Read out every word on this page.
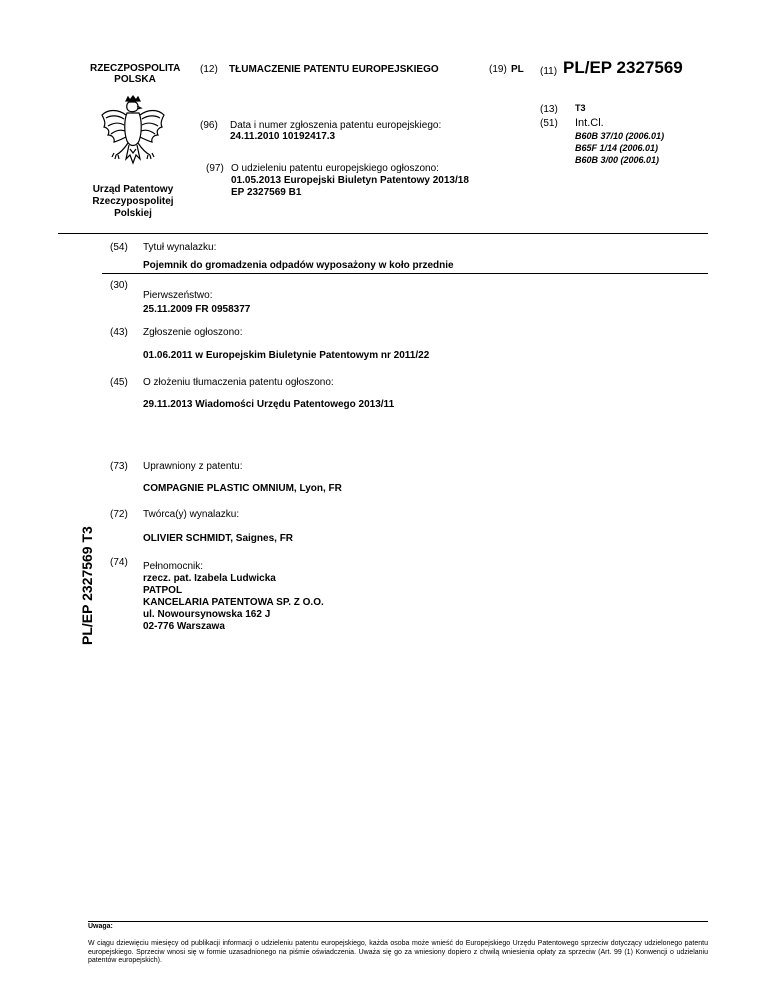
RZECZPOSPOLITA
POLSKA
Urząd Patentowy
Rzeczypospolitej
Polskiej
(12) TŁUMACZENIE PATENTU EUROPEJSKIEGO	(19) PL (11) PL/EP 2327569
(96) Data i numer zgłoszenia patentu europejskiego:
24.11.2010 10192417.3
(97) O udzieleniu patentu europejskiego ogłoszono:
01.05.2013 Europejski Biuletyn Patentowy 2013/18
EP 2327569 B1
(13) T3
(51) Int.Cl.
B60B 37/10 (2006.01)
B65F 1/14 (2006.01)
B60B 3/00 (2006.01)
(54) Tytuł wynalazku:
Pojemnik do gromadzenia odpadów wyposażony w koło przednie
(30)
Pierwszeństwo:
25.11.2009 FR 0958377
(43) Zgłoszenie ogłoszono:
01.06.2011 w Europejskim Biuletynie Patentowym nr 2011/22
(45) O złożeniu tłumaczenia patentu ogłoszono:
29.11.2013 Wiadomości Urzędu Patentowego 2013/11
(73) Uprawniony z patentu:
COMPAGNIE PLASTIC OMNIUM, Lyon, FR
(72) Twórca(y) wynalazku:
OLIVIER SCHMIDT, Saignes, FR
(74) Pełnomocnik:
rzecz. pat. Izabela Ludwicka
PATPOL
KANCELARIA PATENTOWA SP. Z O.O.
ul. Nowoursynowska 162 J
02-776 Warszawa
PL/EP 2327569 T3
Uwaga:
W ciągu dziewięciu miesięcy od publikacji informacji o udzieleniu patentu europejskiego, każda osoba może wnieść do Europejskiego Urzędu Patentowego sprzeciw dotyczący udzielonego patentu europejskiego. Sprzeciw wnosi się w formie uzasadnionego na piśmie oświadczenia. Uważa się go za wniesiony dopiero z chwilą wniesienia opłaty za sprzeciw (Art. 99 (1) Konwencji o udzielaniu patentów europejskich).
